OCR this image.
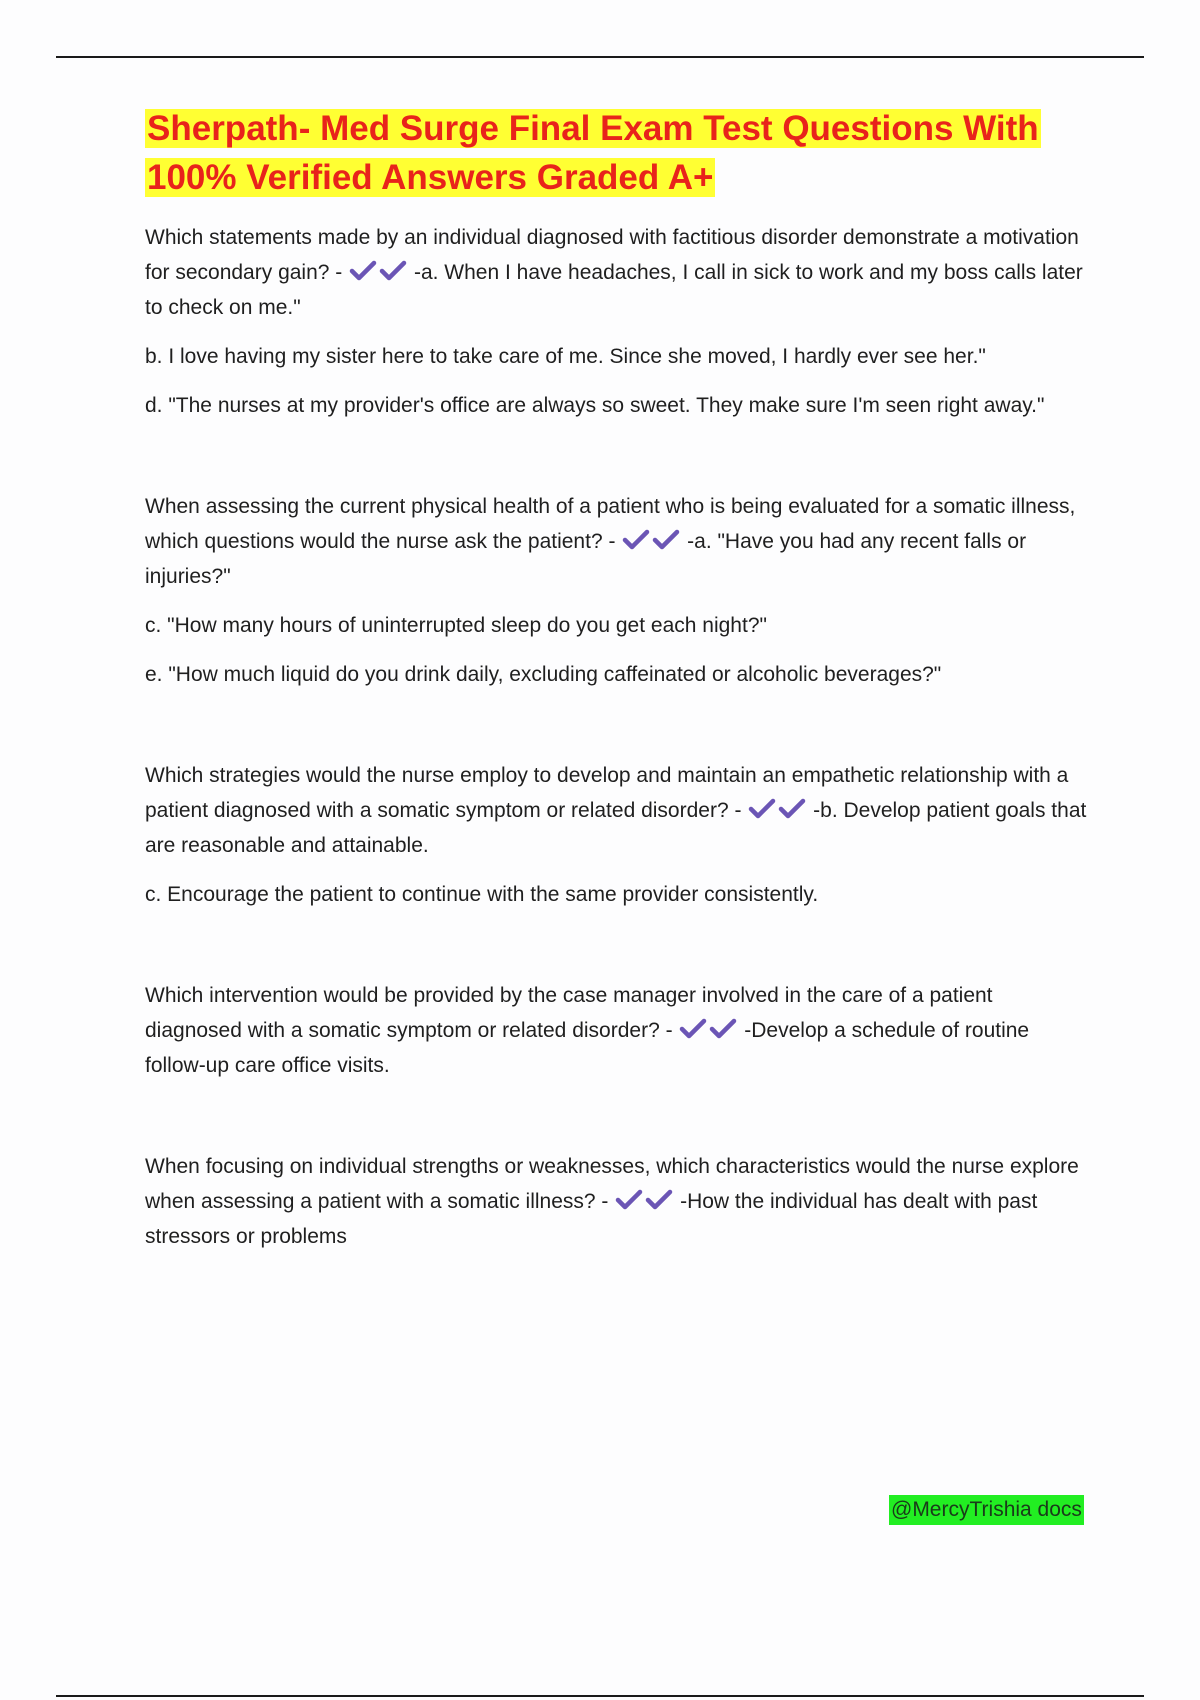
Sherpath- Med Surge Final Exam Test Questions With
100% Verified Answers Graded A+

Which statements made by an individual diagnosed with factitious disorder demonstrate a motivation for secondary gain? -	-a. When I have headaches, I call in sick to work and my boss calls later to check on me."

b. I love having my sister here to take care of me. Since she moved, I hardly ever see her."

d. "The nurses at my provider's office are always so sweet. They make sure I'm seen right away."

When assessing the current physical health of a patient who is being evaluated for a somatic illness, which questions would the nurse ask the patient? -	-a. "Have you had any recent falls or injuries?"

c. "How many hours of uninterrupted sleep do you get each night?"

e. "How much liquid do you drink daily, excluding caffeinated or alcoholic beverages?"

Which strategies would the nurse employ to develop and maintain an empathetic relationship with a patient diagnosed with a somatic symptom or related disorder? -	-b. Develop patient goals that are reasonable and attainable.

c. Encourage the patient to continue with the same provider consistently.

Which intervention would be provided by the case manager involved in the care of a patient diagnosed with a somatic symptom or related disorder? -	-Develop a schedule of routine follow-up care office visits.

When focusing on individual strengths or weaknesses, which characteristics would the nurse explore when assessing a patient with a somatic illness? -	-How the individual has dealt with past stressors or problems

@MercyTrishia docs
